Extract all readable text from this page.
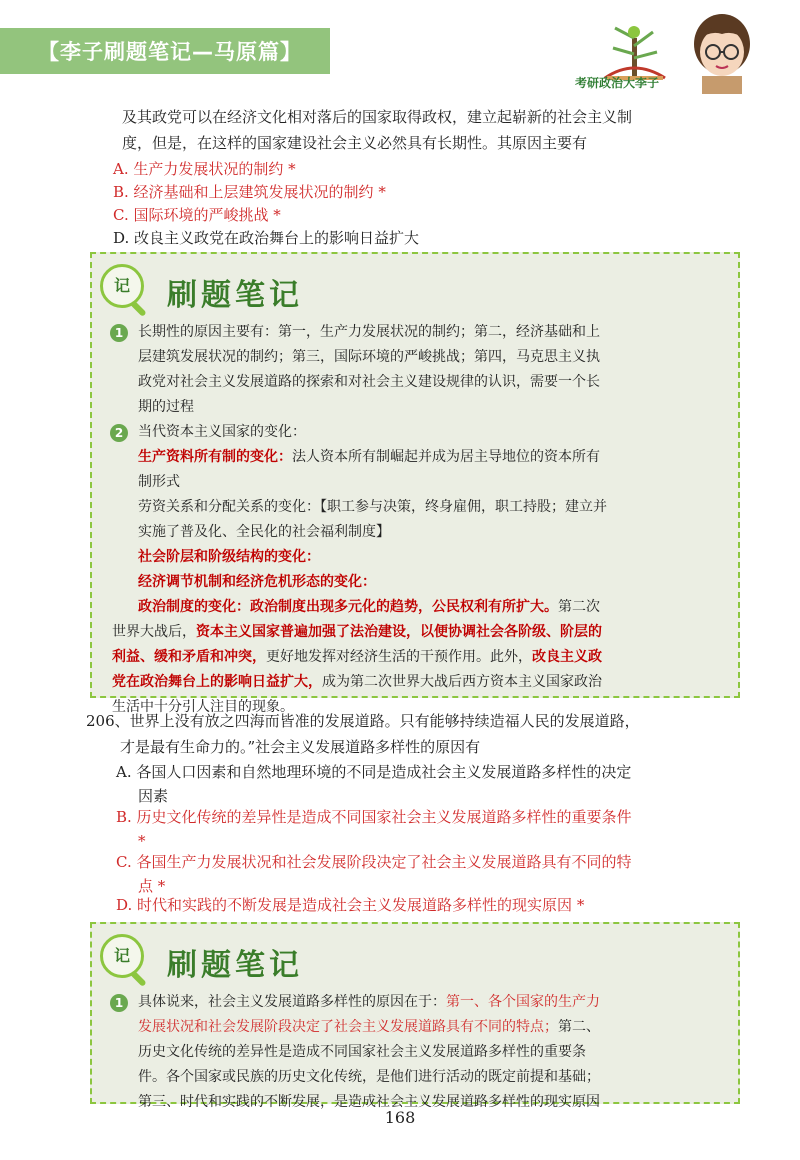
【李子刷题笔记—马原篇】
考研政治大李子
及其政党可以在经济文化相对落后的国家取得政权，建立起崭新的社会主义制
度，但是，在这样的国家建设社会主义必然具有长期性。其原因主要有
A. 生产力发展状况的制约 *
B. 经济基础和上层建筑发展状况的制约 *
C. 国际环境的严峻挑战 *
D. 改良主义政党在政治舞台上的影响日益扩大
记	刷题笔记
1	长期性的原因主要有：第一，生产力发展状况的制约；第二，经济基础和上
层建筑发展状况的制约；第三，国际环境的严峻挑战；第四，马克思主义执
政党对社会主义发展道路的探索和对社会主义建设规律的认识，需要一个长
期的过程
2	当代资本主义国家的变化：
生产资料所有制的变化：法人资本所有制崛起并成为居主导地位的资本所有
制形式
劳资关系和分配关系的变化：【职工参与决策，终身雇佣，职工持股；建立并
实施了普及化、全民化的社会福利制度】
社会阶层和阶级结构的变化：
经济调节机制和经济危机形态的变化：
政治制度的变化：政治制度出现多元化的趋势，公民权利有所扩大。第二次
世界大战后，资本主义国家普遍加强了法治建设，以便协调社会各阶级、阶层的
利益、缓和矛盾和冲突，更好地发挥对经济生活的干预作用。此外，改良主义政
党在政治舞台上的影响日益扩大，成为第二次世界大战后西方资本主义国家政治
生活中十分引人注目的现象。
206、世界上没有放之四海而皆准的发展道路。只有能够持续造福人民的发展道路，
才是最有生命力的。”社会主义发展道路多样性的原因有
A. 各国人口因素和自然地理环境的不同是造成社会主义发展道路多样性的决定
因素
B. 历史文化传统的差异性是造成不同国家社会主义发展道路多样性的重要条件
*
C. 各国生产力发展状况和社会发展阶段决定了社会主义发展道路具有不同的特
点 *
D. 时代和实践的不断发展是造成社会主义发展道路多样性的现实原因 *
记	刷题笔记
1	具体说来，社会主义发展道路多样性的原因在于：第一、各个国家的生产力
发展状况和社会发展阶段决定了社会主义发展道路具有不同的特点；第二、
历史文化传统的差异性是造成不同国家社会主义发展道路多样性的重要条
件。各个国家或民族的历史文化传统，是他们进行活动的既定前提和基础；
第三、时代和实践的不断发展，是造成社会主义发展道路多样性的现实原因
168
